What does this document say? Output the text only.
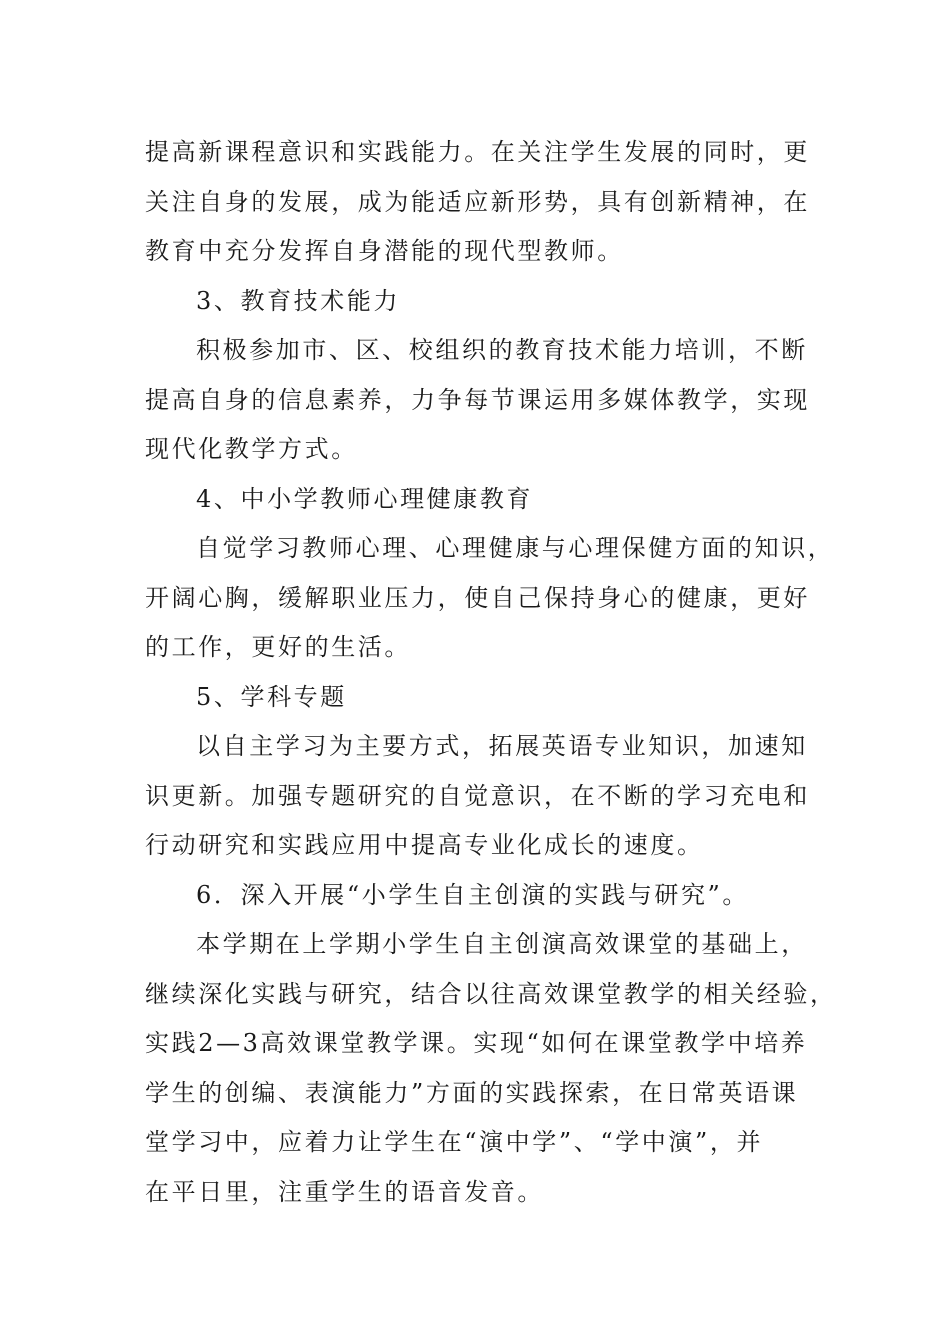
提高新课程意识和实践能力。在关注学生发展的同时，更
关注自身的发展，成为能适应新形势，具有创新精神，在
教育中充分发挥自身潜能的现代型教师。
3、教育技术能力
积极参加市、区、校组织的教育技术能力培训，不断
提高自身的信息素养，力争每节课运用多媒体教学，实现
现代化教学方式。
4、中小学教师心理健康教育
自觉学习教师心理、心理健康与心理保健方面的知识，
开阔心胸，缓解职业压力，使自己保持身心的健康，更好
的工作，更好的生活。
5、学科专题
以自主学习为主要方式，拓展英语专业知识，加速知
识更新。加强专题研究的自觉意识，在不断的学习充电和
行动研究和实践应用中提高专业化成长的速度。
6．深入开展“小学生自主创演的实践与研究”。
本学期在上学期小学生自主创演高效课堂的基础上，
继续深化实践与研究，结合以往高效课堂教学的相关经验，
实践2—3高效课堂教学课。实现“如何在课堂教学中培养
学生的创编、表演能力”方面的实践探索，在日常英语课
堂学习中，应着力让学生在“演中学”、“学中演”，并
在平日里，注重学生的语音发音。
